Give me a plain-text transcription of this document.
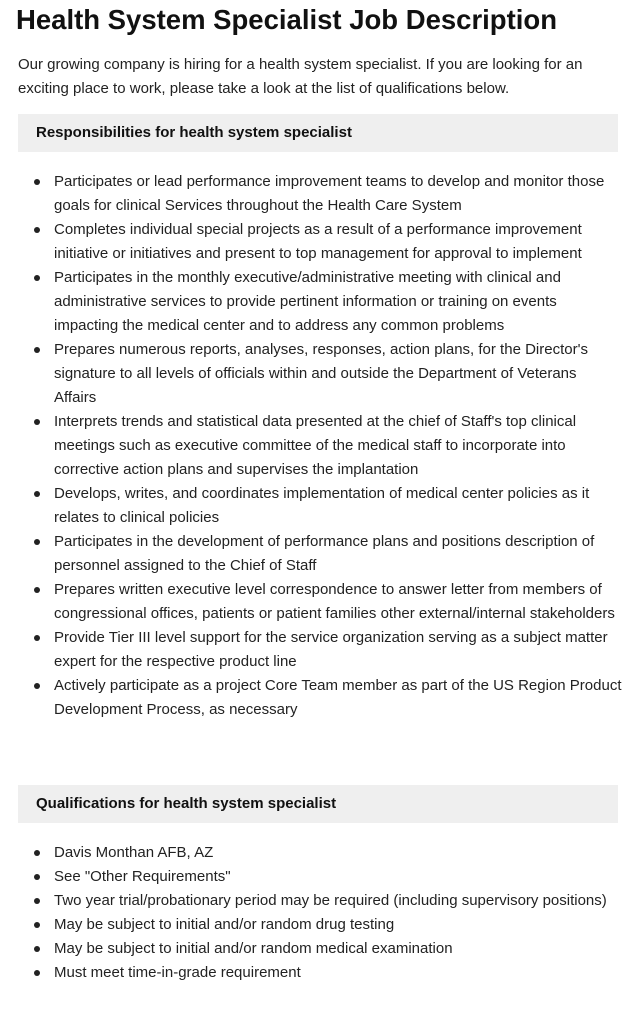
Health System Specialist Job Description

Our growing company is hiring for a health system specialist. If you are looking for an exciting place to work, please take a look at the list of qualifications below.

Responsibilities for health system specialist
Participates or lead performance improvement teams to develop and monitor those goals for clinical Services throughout the Health Care System
Completes individual special projects as a result of a performance improvement initiative or initiatives and present to top management for approval to implement
Participates in the monthly executive/administrative meeting with clinical and administrative services to provide pertinent information or training on events impacting the medical center and to address any common problems
Prepares numerous reports, analyses, responses, action plans, for the Director's signature to all levels of officials within and outside the Department of Veterans Affairs
Interprets trends and statistical data presented at the chief of Staff's top clinical meetings such as executive committee of the medical staff to incorporate into corrective action plans and supervises the implantation
Develops, writes, and coordinates implementation of medical center policies as it relates to clinical policies
Participates in the development of performance plans and positions description of personnel assigned to the Chief of Staff
Prepares written executive level correspondence to answer letter from members of congressional offices, patients or patient families other external/internal stakeholders
Provide Tier III level support for the service organization serving as a subject matter expert for the respective product line
Actively participate as a project Core Team member as part of the US Region Product Development Process, as necessary
Qualifications for health system specialist
Davis Monthan AFB, AZ
See "Other Requirements"
Two year trial/probationary period may be required (including supervisory positions)
May be subject to initial and/or random drug testing
May be subject to initial and/or random medical examination
Must meet time-in-grade requirement
